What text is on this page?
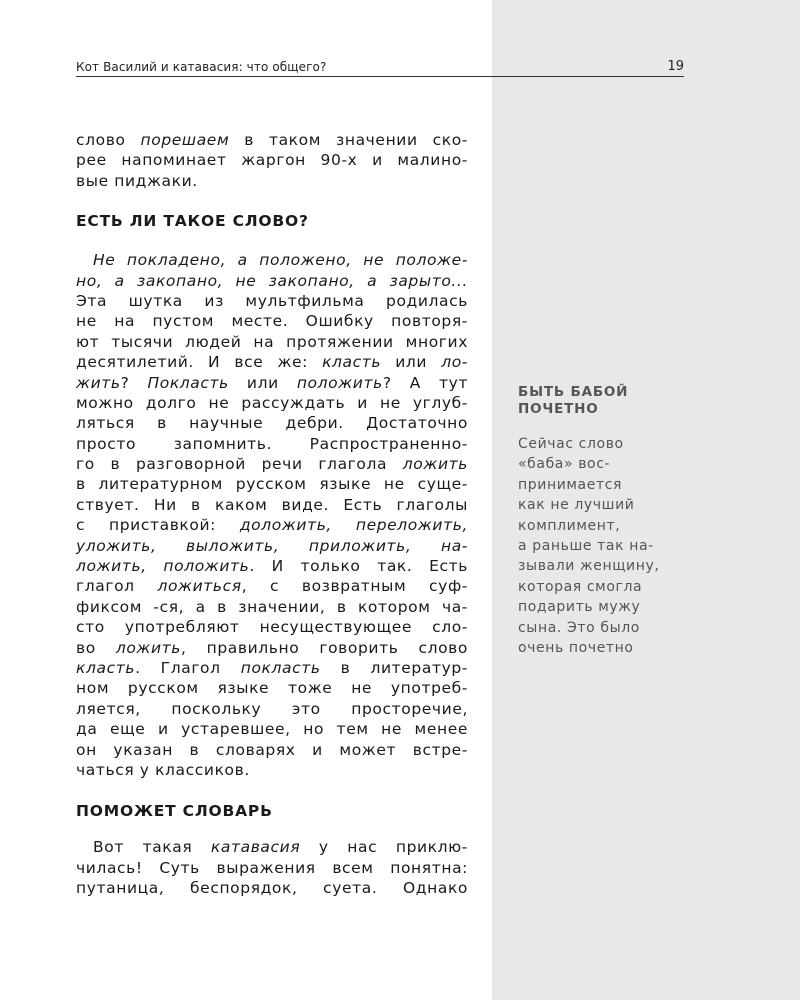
Кот Василий и катавасия: что общего?	19
слово порешаем в таком значении ско-
рее напоминает жаргон 90-х и малино-
вые пиджаки.
ЕСТЬ ЛИ ТАКОЕ СЛОВО?
Не покладено, а положено, не положе-
но, а закопано, не закопано, а зарыто...
Эта шутка из мультфильма родилась
не на пустом месте. Ошибку повторя-
ют тысячи людей на протяжении многих
десятилетий. И все же: класть или ло-
жить? Покласть или положить? А тут
можно долго не рассуждать и не углуб-
ляться в научные дебри. Достаточно
просто запомнить. Распространенно-
го в разговорной речи глагола ложить
в литературном русском языке не суще-
ствует. Ни в каком виде. Есть глаголы
с приставкой: доложить, переложить,
уложить, выложить, приложить, на-
ложить, положить. И только так. Есть
глагол ложиться, с возвратным суф-
фиксом -ся, а в значении, в котором ча-
сто употребляют несуществующее сло-
во ложить, правильно говорить слово
класть. Глагол покласть в литератур-
ном русском языке тоже не употреб-
ляется, поскольку это просторечие,
да еще и устаревшее, но тем не менее
он указан в словарях и может встре-
чаться у классиков.
ПОМОЖЕТ СЛОВАРЬ
Вот такая катавасия у нас приклю-
чилась! Суть выражения всем понятна:
путаница, беспорядок, суета. Однако
БЫТЬ БАБОЙ
ПОЧЕТНО
Сейчас слово
«баба» вос-
принимается
как не лучший
комплимент,
а раньше так на-
зывали женщину,
которая смогла
подарить мужу
сына. Это было
очень почетно
